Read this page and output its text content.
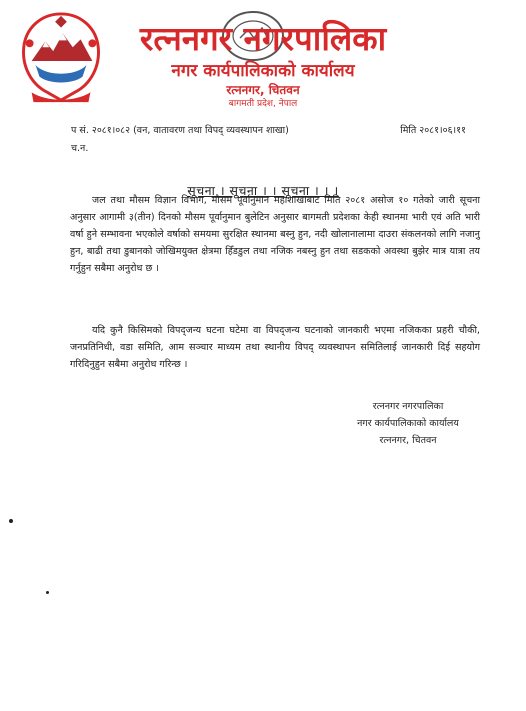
रत्ननगर नगरपालिका
नगर कार्यपालिकाको कार्यालय
रत्ननगर, चितवन
बागमती प्रदेश, नेपाल
प सं. २०८१।०८२ (वन, वातावरण तथा विपद् व्यवस्थापन शाखा)	मिति २०८१।०६।११
च.न.
सूचना । सूचना । । सूचना । । ।

जल तथा मौसम विज्ञान विभाग, मौसम पूर्वानुमान महाशाखाबाट मिति २०८१ असोज १० गतेको जारी सूचना अनुसार आगामी ३(तीन) दिनको मौसम पूर्वानुमान बुलेटिन अनुसार बागमती प्रदेशका केही स्थानमा भारी एवं अति भारी वर्षा हुने सम्भावना भएकोले वर्षाको समयमा सुरक्षित स्थानमा बस्नु हुन, नदी खोलानालामा दाउरा संकलनको लागि नजानु हुन, बाढी तथा डुबानको जोखिमयुक्त क्षेत्रमा हिँडडुल तथा नजिक नबस्नु हुन तथा सडकको अवस्था बुझेर मात्र यात्रा तय गर्नुहुन सबैमा अनुरोध छ ।

यदि कुनै किसिमको विपद्जन्य घटना घटेमा वा विपद्जन्य घटनाको जानकारी भएमा नजिकका प्रहरी चौकी, जनप्रतिनिधी, वडा समिति, आम सञ्चार माध्यम तथा स्थानीय विपद् व्यवस्थापन समितिलाई जानकारी दिई सहयोग गरिदिनुहुन सबैमा अनुरोध गरिन्छ ।

रत्ननगर नगरपालिका
नगर कार्यपालिकाको कार्यालय
रत्ननगर, चितवन
